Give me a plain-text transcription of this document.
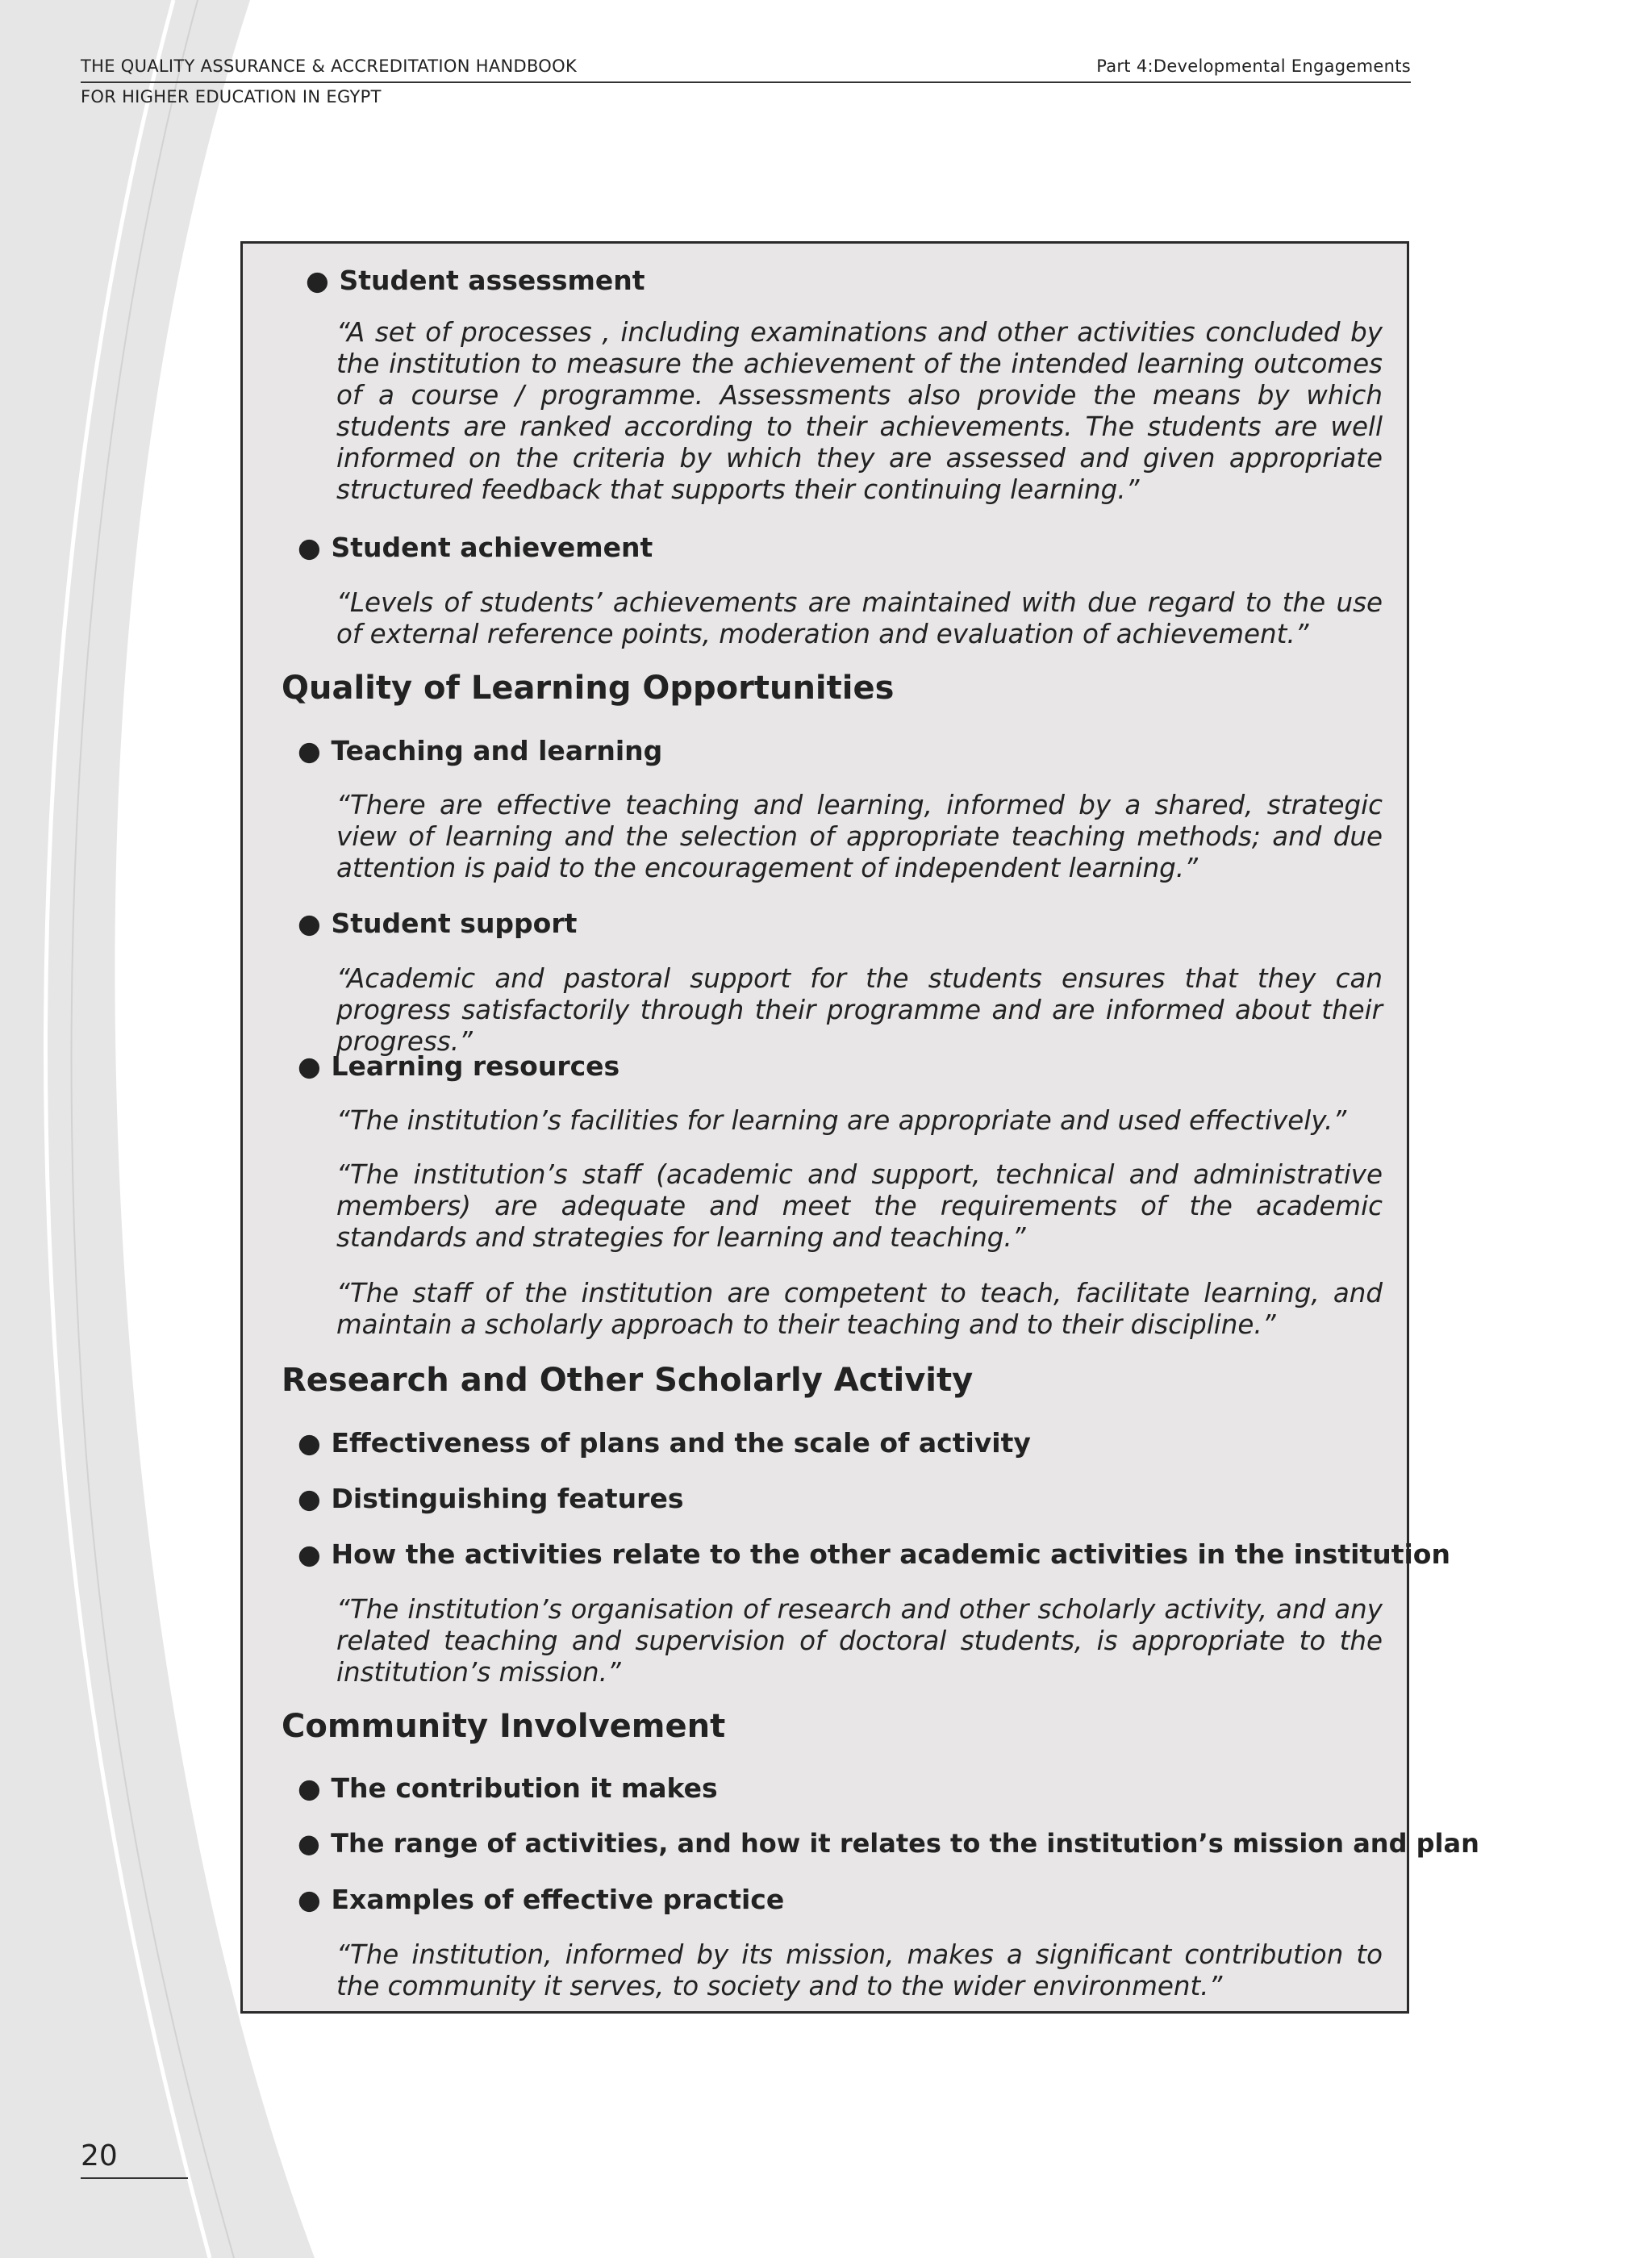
THE QUALITY ASSURANCE & ACCREDITATION HANDBOOK
FOR HIGHER EDUCATION IN EGYPT
Part 4:Developmental Engagements
● Student assessment
“A set of processes , including examinations and other activities concluded by the institution to measure the achievement of the intended learning outcomes of a course / programme. Assessments also provide the means by which students are ranked according to their achievements. The students are well informed on the criteria by which they are assessed and given appropriate structured feedback that supports their continuing learning.”
● Student achievement
“Levels of students’ achievements are maintained with due regard to the use of external reference points, moderation and evaluation of achievement.”
Quality of Learning Opportunities
● Teaching and learning
“There are effective teaching and learning, informed by a shared, strategic view of learning and the selection of appropriate teaching methods; and due attention is paid to the encouragement of independent learning.”
● Student support
“Academic and pastoral support for the students ensures that they can progress satisfactorily through their programme and are informed about their progress.”
● Learning resources
“The institution’s facilities for learning are appropriate and used effectively.”
“The institution’s staff (academic and support, technical and administrative members) are adequate and meet the requirements of the academic standards and strategies for learning and teaching.”
“The staff of the institution are competent to teach, facilitate learning, and maintain a scholarly approach to their teaching and to their discipline.”
Research and Other Scholarly Activity
● Effectiveness of plans and the scale of activity
● Distinguishing features
● How the activities relate to the other academic activities in the institution
“The institution’s organisation of research and other scholarly activity, and any related teaching and supervision of doctoral students, is appropriate to the institution’s mission.”
Community Involvement
● The contribution it makes
● The range of activities, and how it relates to the institution’s mission and plan
● Examples of effective practice
“The institution, informed by its mission, makes a significant contribution to the community it serves, to society and to the wider environment.”
20
